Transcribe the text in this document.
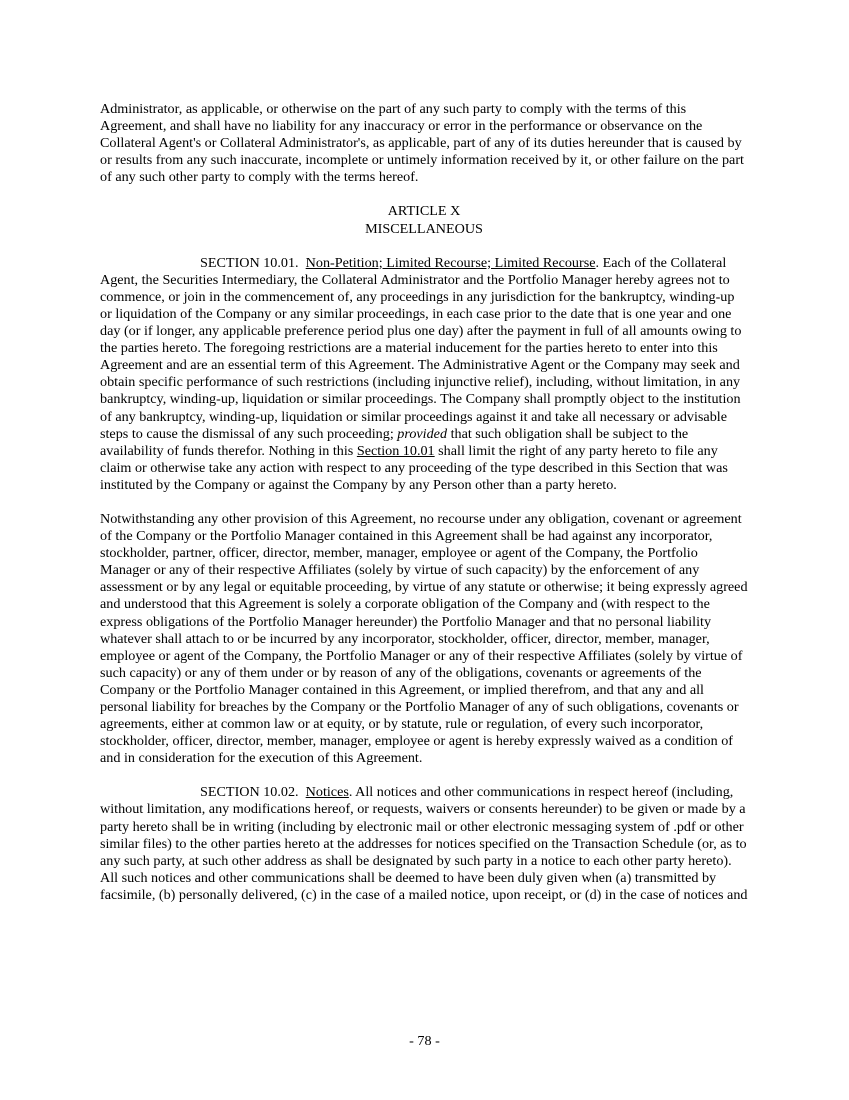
Administrator, as applicable, or otherwise on the part of any such party to comply with the terms of this Agreement, and shall have no liability for any inaccuracy or error in the performance or observance on the Collateral Agent's or Collateral Administrator's, as applicable, part of any of its duties hereunder that is caused by or results from any such inaccurate, incomplete or untimely information received by it, or other failure on the part of any such other party to comply with the terms hereof.

ARTICLE X

MISCELLANEOUS

SECTION 10.01. Non-Petition; Limited Recourse; Limited Recourse. Each of the Collateral Agent, the Securities Intermediary, the Collateral Administrator and the Portfolio Manager hereby agrees not to commence, or join in the commencement of, any proceedings in any jurisdiction for the bankruptcy, winding-up or liquidation of the Company or any similar proceedings, in each case prior to the date that is one year and one day (or if longer, any applicable preference period plus one day) after the payment in full of all amounts owing to the parties hereto. The foregoing restrictions are a material inducement for the parties hereto to enter into this Agreement and are an essential term of this Agreement. The Administrative Agent or the Company may seek and obtain specific performance of such restrictions (including injunctive relief), including, without limitation, in any bankruptcy, winding-up, liquidation or similar proceedings. The Company shall promptly object to the institution of any bankruptcy, winding-up, liquidation or similar proceedings against it and take all necessary or advisable steps to cause the dismissal of any such proceeding; provided that such obligation shall be subject to the availability of funds therefor. Nothing in this Section 10.01 shall limit the right of any party hereto to file any claim or otherwise take any action with respect to any proceeding of the type described in this Section that was instituted by the Company or against the Company by any Person other than a party hereto.

Notwithstanding any other provision of this Agreement, no recourse under any obligation, covenant or agreement of the Company or the Portfolio Manager contained in this Agreement shall be had against any incorporator, stockholder, partner, officer, director, member, manager, employee or agent of the Company, the Portfolio Manager or any of their respective Affiliates (solely by virtue of such capacity) by the enforcement of any assessment or by any legal or equitable proceeding, by virtue of any statute or otherwise; it being expressly agreed and understood that this Agreement is solely a corporate obligation of the Company and (with respect to the express obligations of the Portfolio Manager hereunder) the Portfolio Manager and that no personal liability whatever shall attach to or be incurred by any incorporator, stockholder, officer, director, member, manager, employee or agent of the Company, the Portfolio Manager or any of their respective Affiliates (solely by virtue of such capacity) or any of them under or by reason of any of the obligations, covenants or agreements of the Company or the Portfolio Manager contained in this Agreement, or implied therefrom, and that any and all personal liability for breaches by the Company or the Portfolio Manager of any of such obligations, covenants or agreements, either at common law or at equity, or by statute, rule or regulation, of every such incorporator, stockholder, officer, director, member, manager, employee or agent is hereby expressly waived as a condition of and in consideration for the execution of this Agreement.

SECTION 10.02. Notices. All notices and other communications in respect hereof (including, without limitation, any modifications hereof, or requests, waivers or consents hereunder) to be given or made by a party hereto shall be in writing (including by electronic mail or other electronic messaging system of .pdf or other similar files) to the other parties hereto at the addresses for notices specified on the Transaction Schedule (or, as to any such party, at such other address as shall be designated by such party in a notice to each other party hereto). All such notices and other communications shall be deemed to have been duly given when (a) transmitted by facsimile, (b) personally delivered, (c) in the case of a mailed notice, upon receipt, or (d) in the case of notices and

- 78 -
